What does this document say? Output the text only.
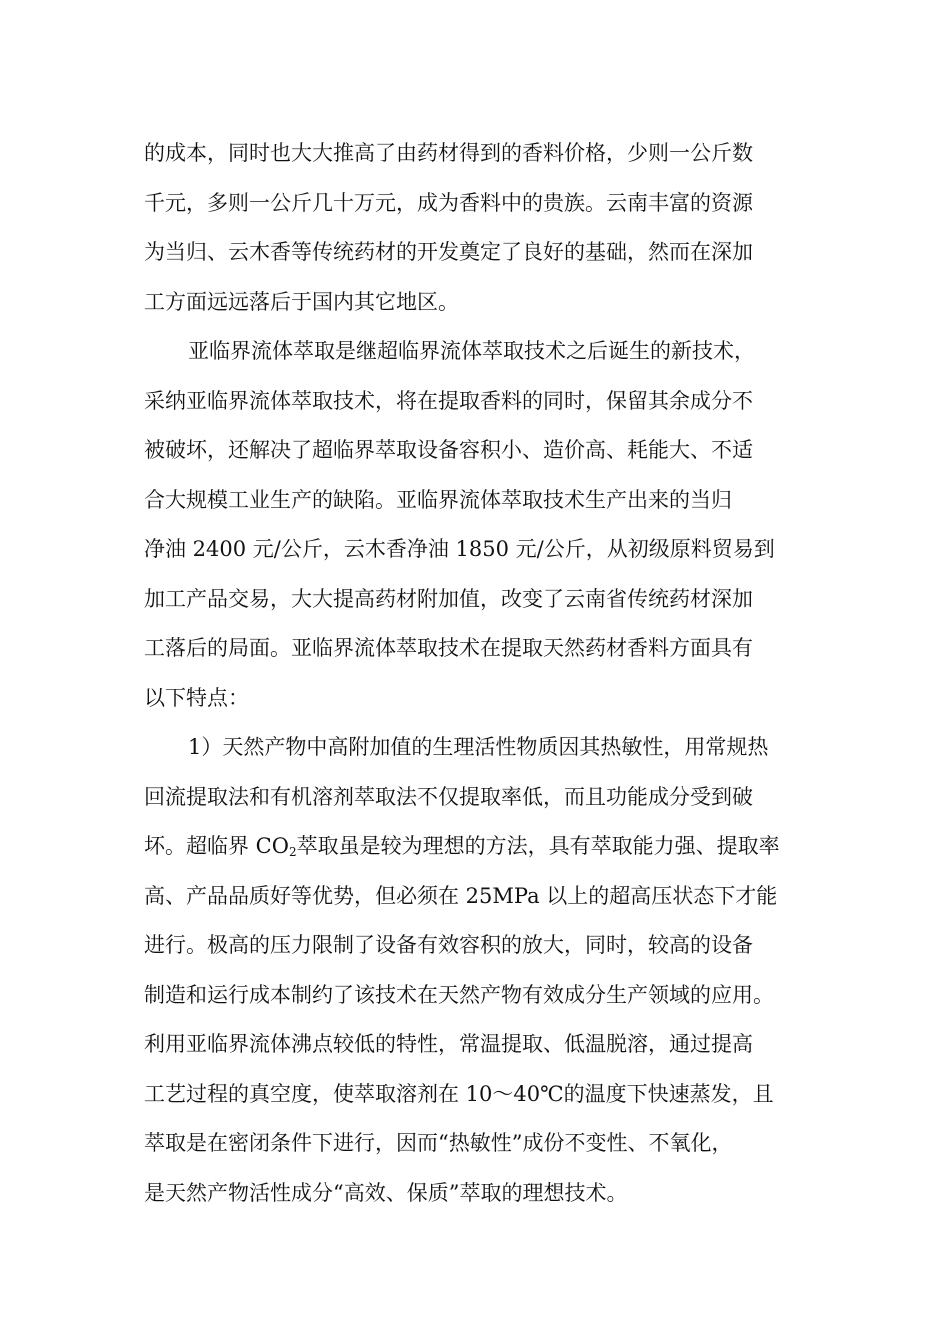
的成本，同时也大大推高了由药材得到的香料价格，少则一公斤数
千元，多则一公斤几十万元，成为香料中的贵族。云南丰富的资源
为当归、云木香等传统药材的开发奠定了良好的基础，然而在深加
工方面远远落后于国内其它地区。
亚临界流体萃取是继超临界流体萃取技术之后诞生的新技术，
采纳亚临界流体萃取技术，将在提取香料的同时，保留其余成分不
被破坏，还解决了超临界萃取设备容积小、造价高、耗能大、不适
合大规模工业生产的缺陷。亚临界流体萃取技术生产出来的当归
净油 2400 元/公斤，云木香净油 1850 元/公斤，从初级原料贸易到
加工产品交易，大大提高药材附加值，改变了云南省传统药材深加
工落后的局面。亚临界流体萃取技术在提取天然药材香料方面具有
以下特点：
1）天然产物中高附加值的生理活性物质因其热敏性，用常规热
回流提取法和有机溶剂萃取法不仅提取率低，而且功能成分受到破
坏。超临界 $CO_2$萃取虽是较为理想的方法，具有萃取能力强、提取率
高、产品品质好等优势，但必须在 25MPa 以上的超高压状态下才能
进行。极高的压力限制了设备有效容积的放大，同时，较高的设备
制造和运行成本制约了该技术在天然产物有效成分生产领域的应用。
利用亚临界流体沸点较低的特性，常温提取、低温脱溶，通过提高
工艺过程的真空度，使萃取溶剂在 10～40℃的温度下快速蒸发，且
萃取是在密闭条件下进行，因而“热敏性”成份不变性、不氧化，
是天然产物活性成分“高效、保质”萃取的理想技术。
